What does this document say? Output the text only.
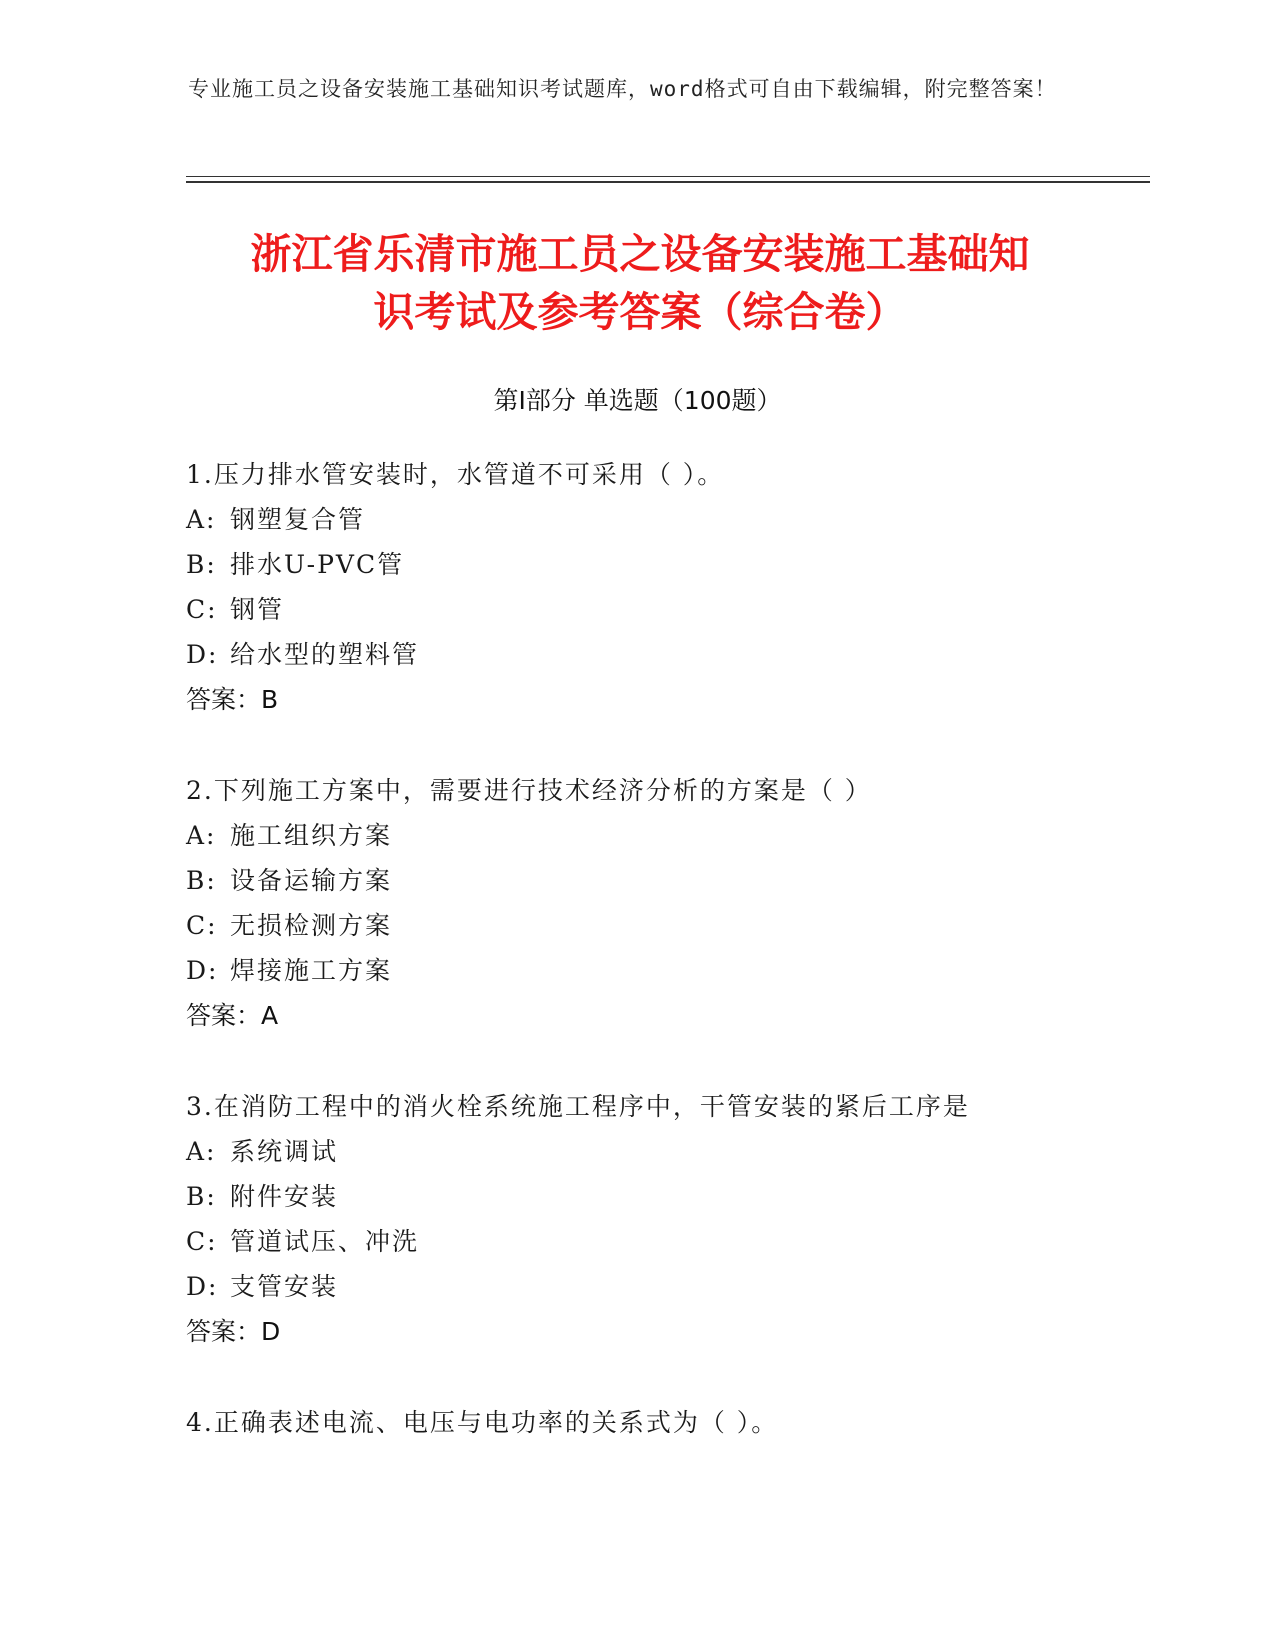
专业施工员之设备安装施工基础知识考试题库，word格式可自由下载编辑，附完整答案！
浙江省乐清市施工员之设备安装施工基础知
识考试及参考答案（综合卷）
第Ⅰ部分 单选题（100题）
1.压力排水管安装时，水管道不可采用（ ）。
A: 钢塑复合管
B: 排水U-PVC管
C: 钢管
D: 给水型的塑料管
答案：B
2.下列施工方案中，需要进行技术经济分析的方案是（ ）
A: 施工组织方案
B: 设备运输方案
C: 无损检测方案
D: 焊接施工方案
答案：A
3.在消防工程中的消火栓系统施工程序中，干管安装的紧后工序是
A: 系统调试
B: 附件安装
C: 管道试压、冲洗
D: 支管安装
答案：D
4.正确表述电流、电压与电功率的关系式为（ ）。
